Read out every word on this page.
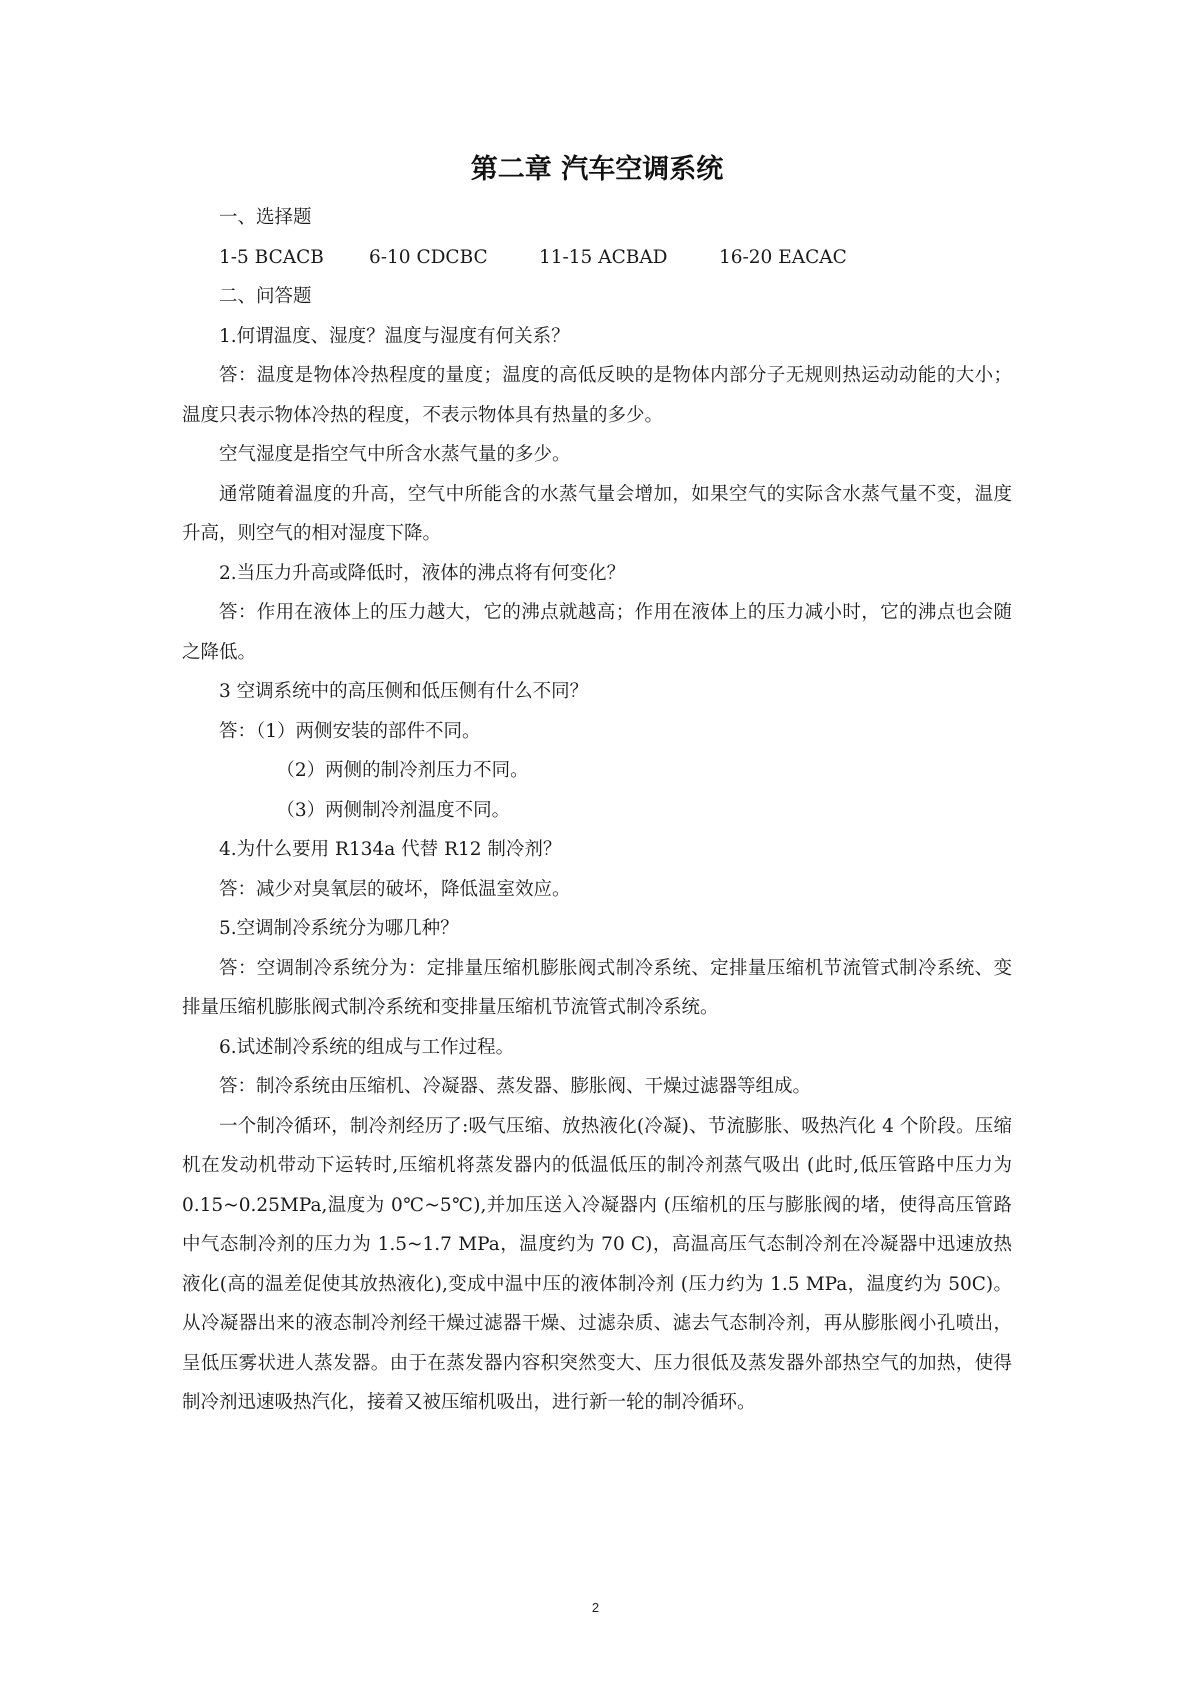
第二章 汽车空调系统

一、选择题

1-5 BCACB	6-10 CDCBC	11-15 ACBAD	16-20 EACAC

二、问答题

1.何谓温度、湿度？温度与湿度有何关系？

答：温度是物体冷热程度的量度；温度的高低反映的是物体内部分子无规则热运动动能的大小；温度只表示物体冷热的程度，不表示物体具有热量的多少。

空气湿度是指空气中所含水蒸气量的多少。

通常随着温度的升高，空气中所能含的水蒸气量会增加，如果空气的实际含水蒸气量不变，温度升高，则空气的相对湿度下降。

2.当压力升高或降低时，液体的沸点将有何变化？

答：作用在液体上的压力越大，它的沸点就越高；作用在液体上的压力减小时，它的沸点也会随之降低。

3 空调系统中的高压侧和低压侧有什么不同？

答：（1）两侧安装的部件不同。

（2）两侧的制冷剂压力不同。

（3）两侧制冷剂温度不同。

4.为什么要用 R134a 代替 R12 制冷剂？

答：减少对臭氧层的破坏，降低温室效应。

5.空调制冷系统分为哪几种？

答：空调制冷系统分为：定排量压缩机膨胀阀式制冷系统、定排量压缩机节流管式制冷系统、变排量压缩机膨胀阀式制冷系统和变排量压缩机节流管式制冷系统。

6.试述制冷系统的组成与工作过程。

答：制冷系统由压缩机、冷凝器、蒸发器、膨胀阀、干燥过滤器等组成。

一个制冷循环，制冷剂经历了:吸气压缩、放热液化(冷凝)、节流膨胀、吸热汽化 4 个阶段。压缩机在发动机带动下运转时,压缩机将蒸发器内的低温低压的制冷剂蒸气吸出 (此时,低压管路中压力为 0.15~0.25MPa,温度为 0℃~5℃),并加压送入冷凝器内 (压缩机的压与膨胀阀的堵，使得高压管路中气态制冷剂的压力为 1.5~1.7 MPa，温度约为 70 C)，高温高压气态制冷剂在冷凝器中迅速放热液化(高的温差促使其放热液化),变成中温中压的液体制冷剂 (压力约为 1.5 MPa，温度约为 50C)。从冷凝器出来的液态制冷剂经干燥过滤器干燥、过滤杂质、滤去气态制冷剂，再从膨胀阀小孔喷出，呈低压雾状进人蒸发器。由于在蒸发器内容积突然变大、压力很低及蒸发器外部热空气的加热，使得制冷剂迅速吸热汽化，接着又被压缩机吸出，进行新一轮的制冷循环。

2
